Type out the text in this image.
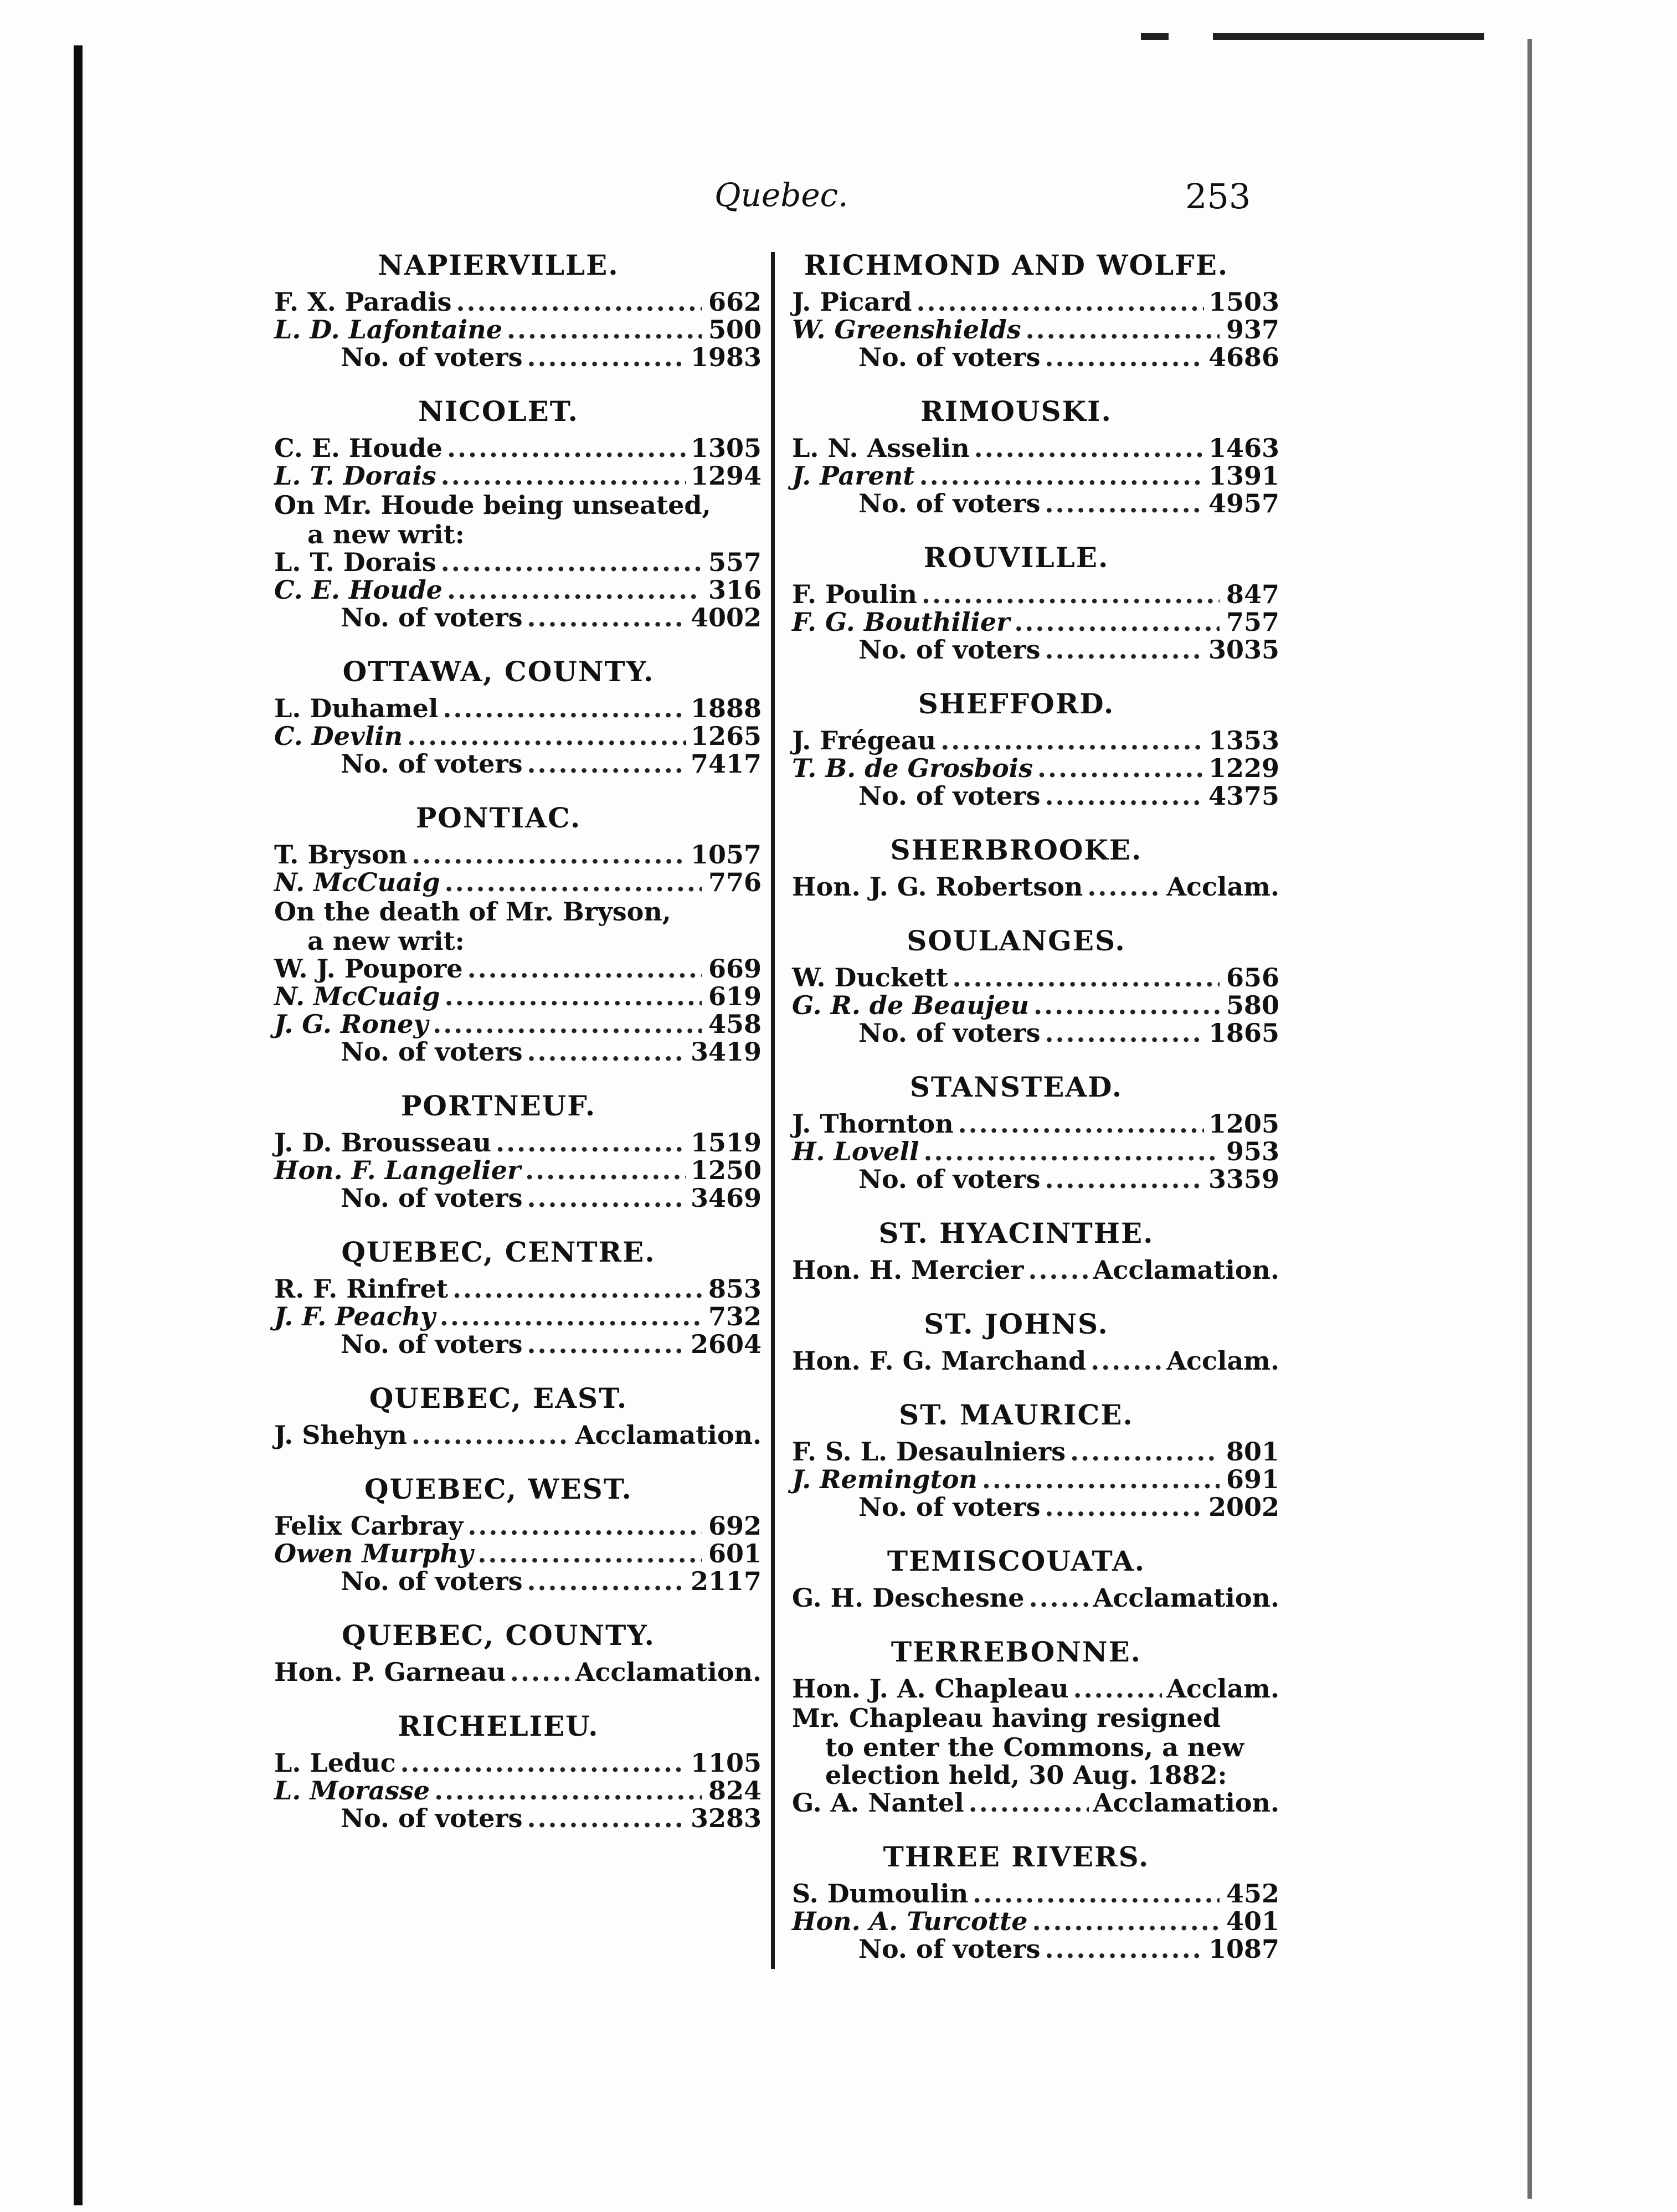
Quebec.	253
NAPIERVILLE.
F. X. Paradis .....	662
L. D. Lafontaine .....	500
No. of voters .....	1983
NICOLET.
C. E. Houde .....	1305
L. T. Dorais .....	1294
On Mr. Houde being unseated,
a new writ:
L. T. Dorais .....	557
C. E. Houde .....	316
No. of voters .....	4002
OTTAWA, COUNTY.
L. Duhamel .....	1888
C. Devlin .....	1265
No. of voters .....	7417
PONTIAC.
T. Bryson .....	1057
N. McCuaig .....	776
On the death of Mr. Bryson,
a new writ:
W. J. Poupore .....	669
N. McCuaig .....	619
J. G. Roney .....	458
No. of voters .....	3419
PORTNEUF.
J. D. Brousseau .....	1519
Hon. F. Langelier .....	1250
No. of voters .....	3469
QUEBEC, CENTRE.
R. F. Rinfret .....	853
J. F. Peachy .....	732
No. of voters .....	2604
QUEBEC, EAST.
J. Shehyn .....	Acclamation.
QUEBEC, WEST.
Felix Carbray .....	692
Owen Murphy .....	601
No. of voters .....	2117
QUEBEC, COUNTY.
Hon. P. Garneau .....	Acclamation.
RICHELIEU.
L. Leduc .....	1105
L. Morasse .....	824
No. of voters .....	3283
RICHMOND AND WOLFE.
J. Picard .....	1503
W. Greenshields .....	937
No. of voters .....	4686
RIMOUSKI.
L. N. Asselin .....	1463
J. Parent .....	1391
No. of voters .....	4957
ROUVILLE.
F. Poulin .....	847
F. G. Bouthilier .....	757
No. of voters .....	3035
SHEFFORD.
J. Frégeau .....	1353
T. B. de Grosbois .....	1229
No. of voters .....	4375
SHERBROOKE.
Hon. J. G. Robertson .....	Acclam.
SOULANGES.
W. Duckett .....	656
G. R. de Beaujeu .....	580
No. of voters .....	1865
STANSTEAD.
J. Thornton .....	1205
H. Lovell .....	953
No. of voters .....	3359
ST. HYACINTHE.
Hon. H. Mercier .....	Acclamation.
ST. JOHNS.
Hon. F. G. Marchand .....	Acclam.
ST. MAURICE.
F. S. L. Desaulniers .....	801
J. Remington .....	691
No. of voters .....	2002
TEMISCOUATA.
G. H. Deschesne .....	Acclamation.
TERREBONNE.
Hon. J. A. Chapleau .....	Acclam.
Mr. Chapleau having resigned
to enter the Commons, a new
election held, 30 Aug. 1882:
G. A. Nantel .....	Acclamation.
THREE RIVERS.
S. Dumoulin .....	452
Hon. A. Turcotte .....	401
No. of voters .....	1087
